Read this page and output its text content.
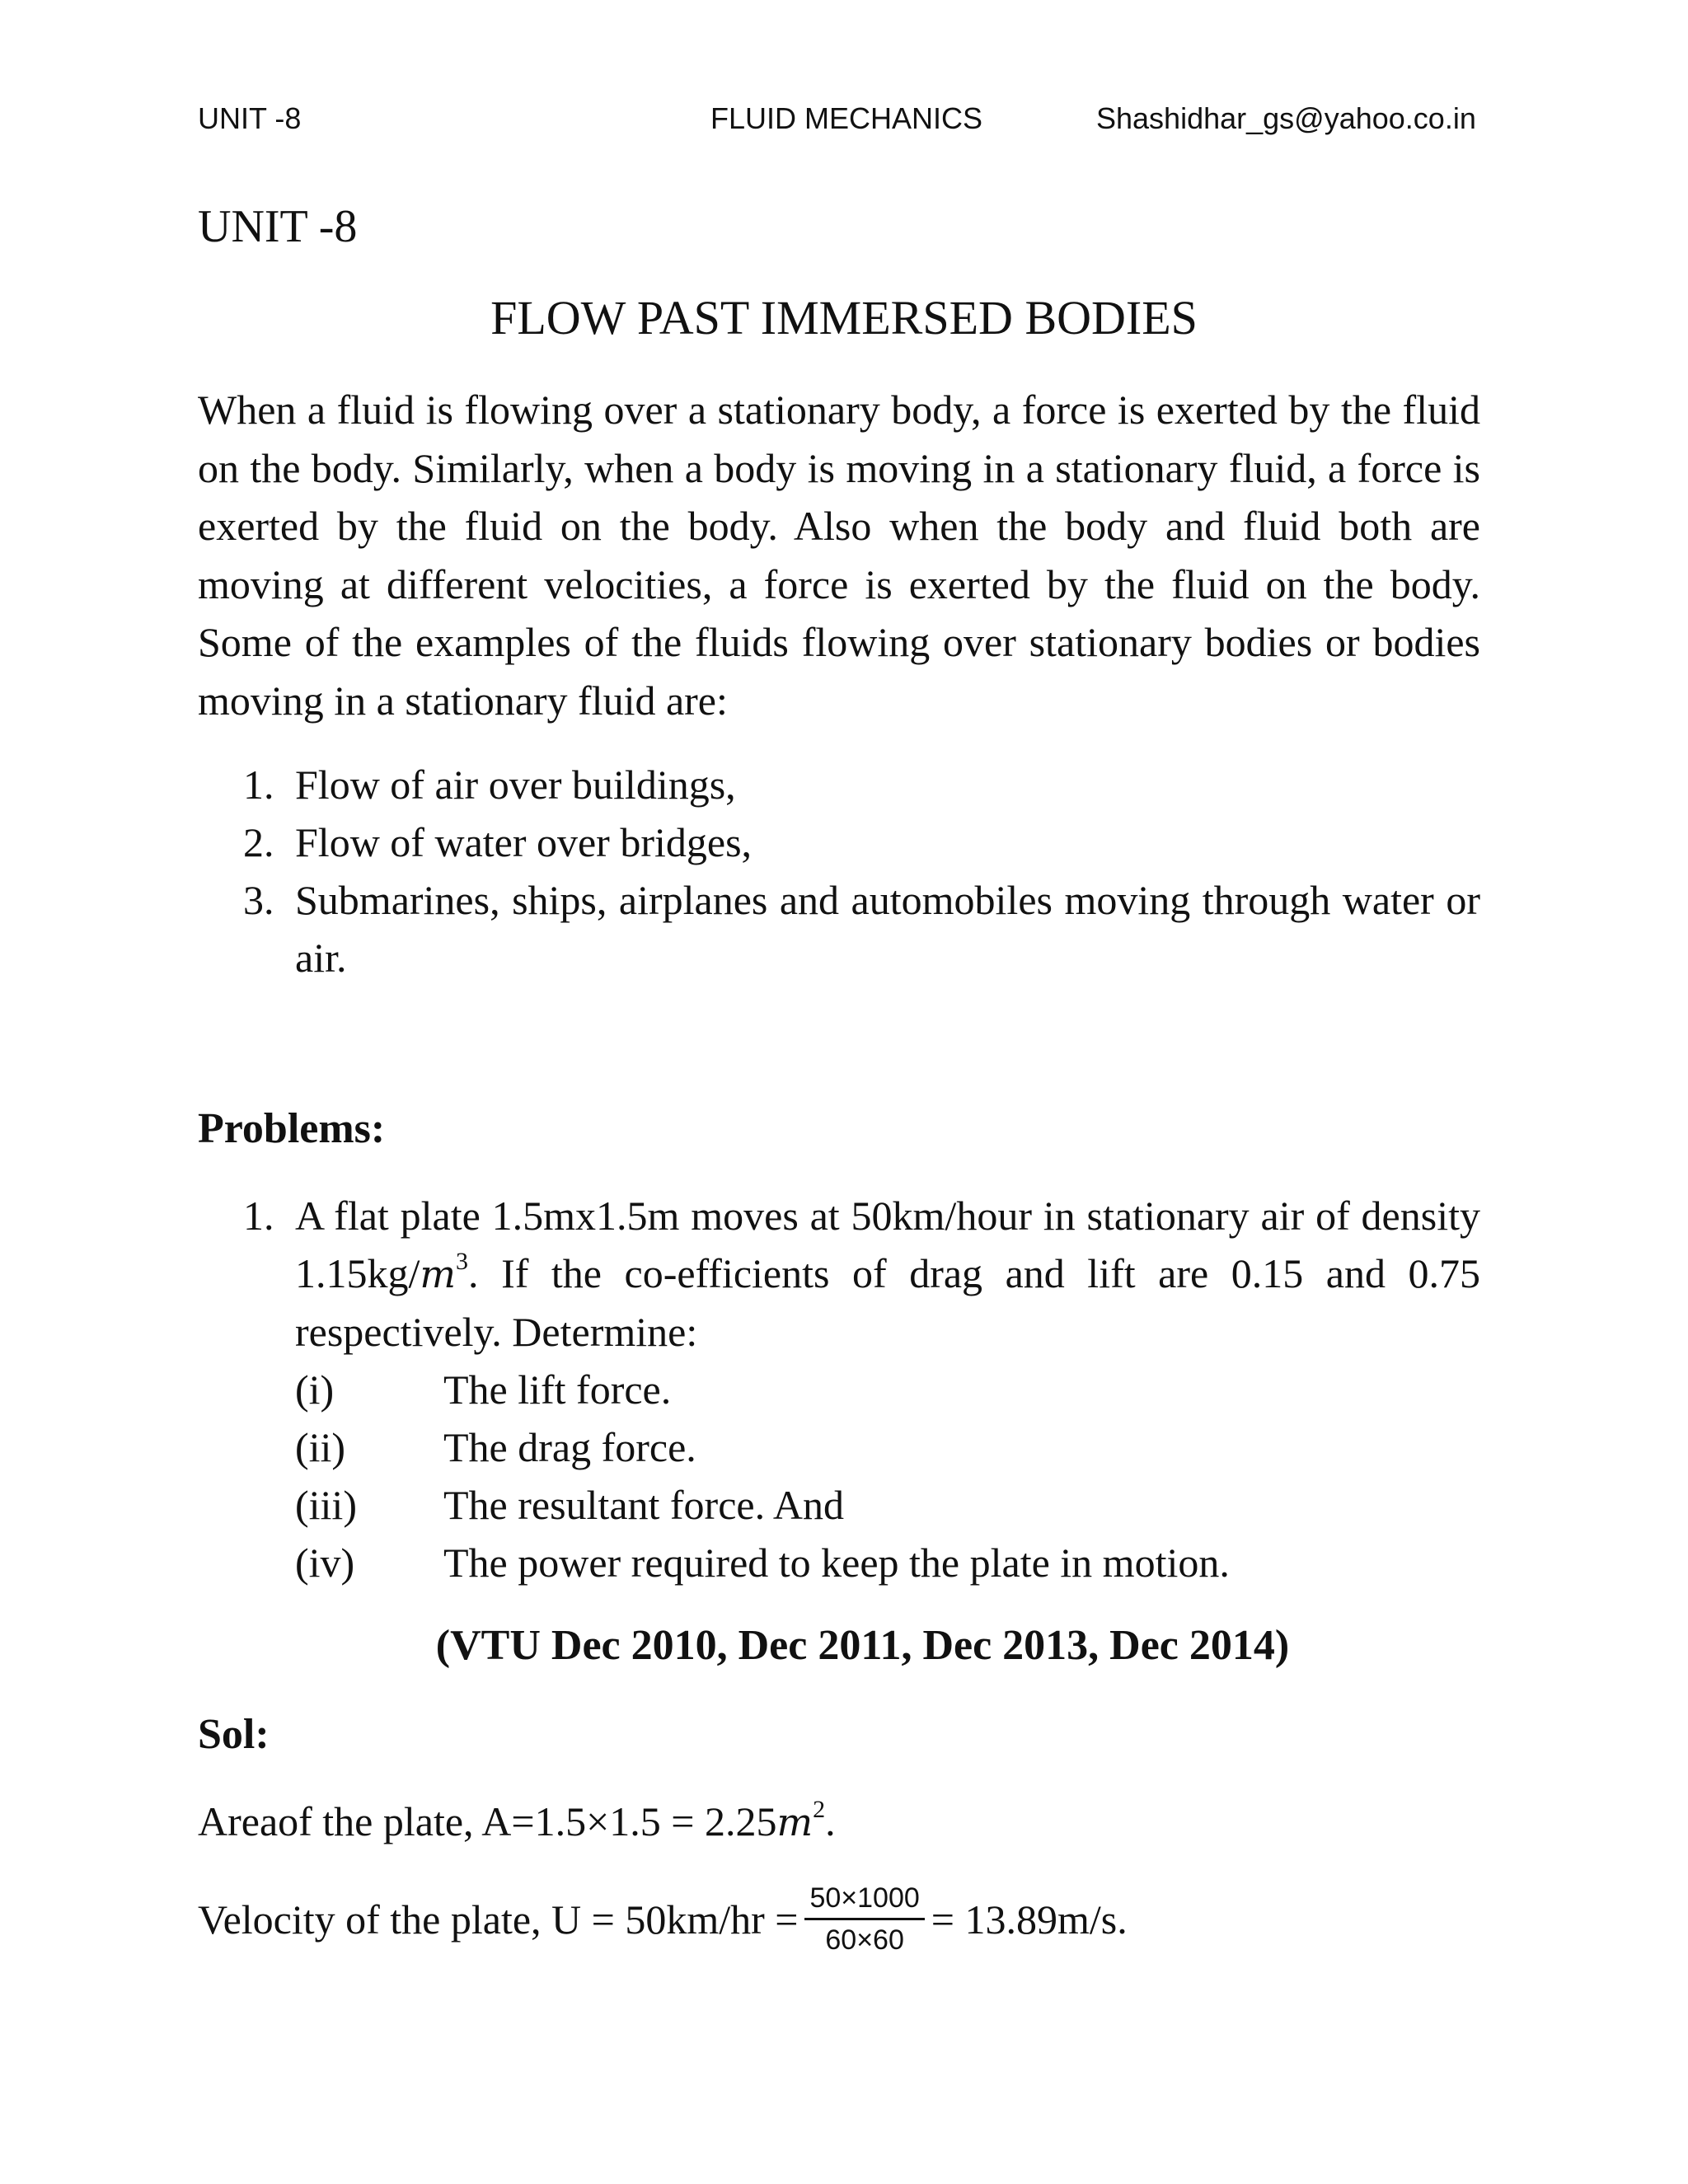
UNIT -8	FLUID MECHANICS	Shashidhar_gs@yahoo.co.in
UNIT -8
FLOW PAST IMMERSED BODIES

When a fluid is flowing over a stationary body, a force is exerted by the fluid on the body. Similarly, when a body is moving in a stationary fluid, a force is exerted by the fluid on the body. Also when the body and fluid both are moving at different velocities, a force is exerted by the fluid on the body. Some of the examples of the fluids flowing over stationary bodies or bodies moving in a stationary fluid are:

1. Flow of air over buildings,
2. Flow of water over bridges,
3. Submarines, ships, airplanes and automobiles moving through water or air.
Problems:
1. A flat plate 1.5mx1.5m moves at 50km/hour in stationary air of density $1.15kg/m^3$. If the co-efficients of drag and lift are 0.15 and 0.75 respectively. Determine:
(i)	The lift force.
(ii) The drag force.
(iii) The resultant force. And
(iv) The power required to keep the plate in motion.
(VTU Dec 2010, Dec 2011, Dec 2013, Dec 2014)
Sol:
Areaof the plate, $A=1.5\times 1.5 = 2.25m^2$.
Velocity of the plate, $U = 50km/hr = \frac{50\times 1000}{60\times 60} = 13.89m/s$.
